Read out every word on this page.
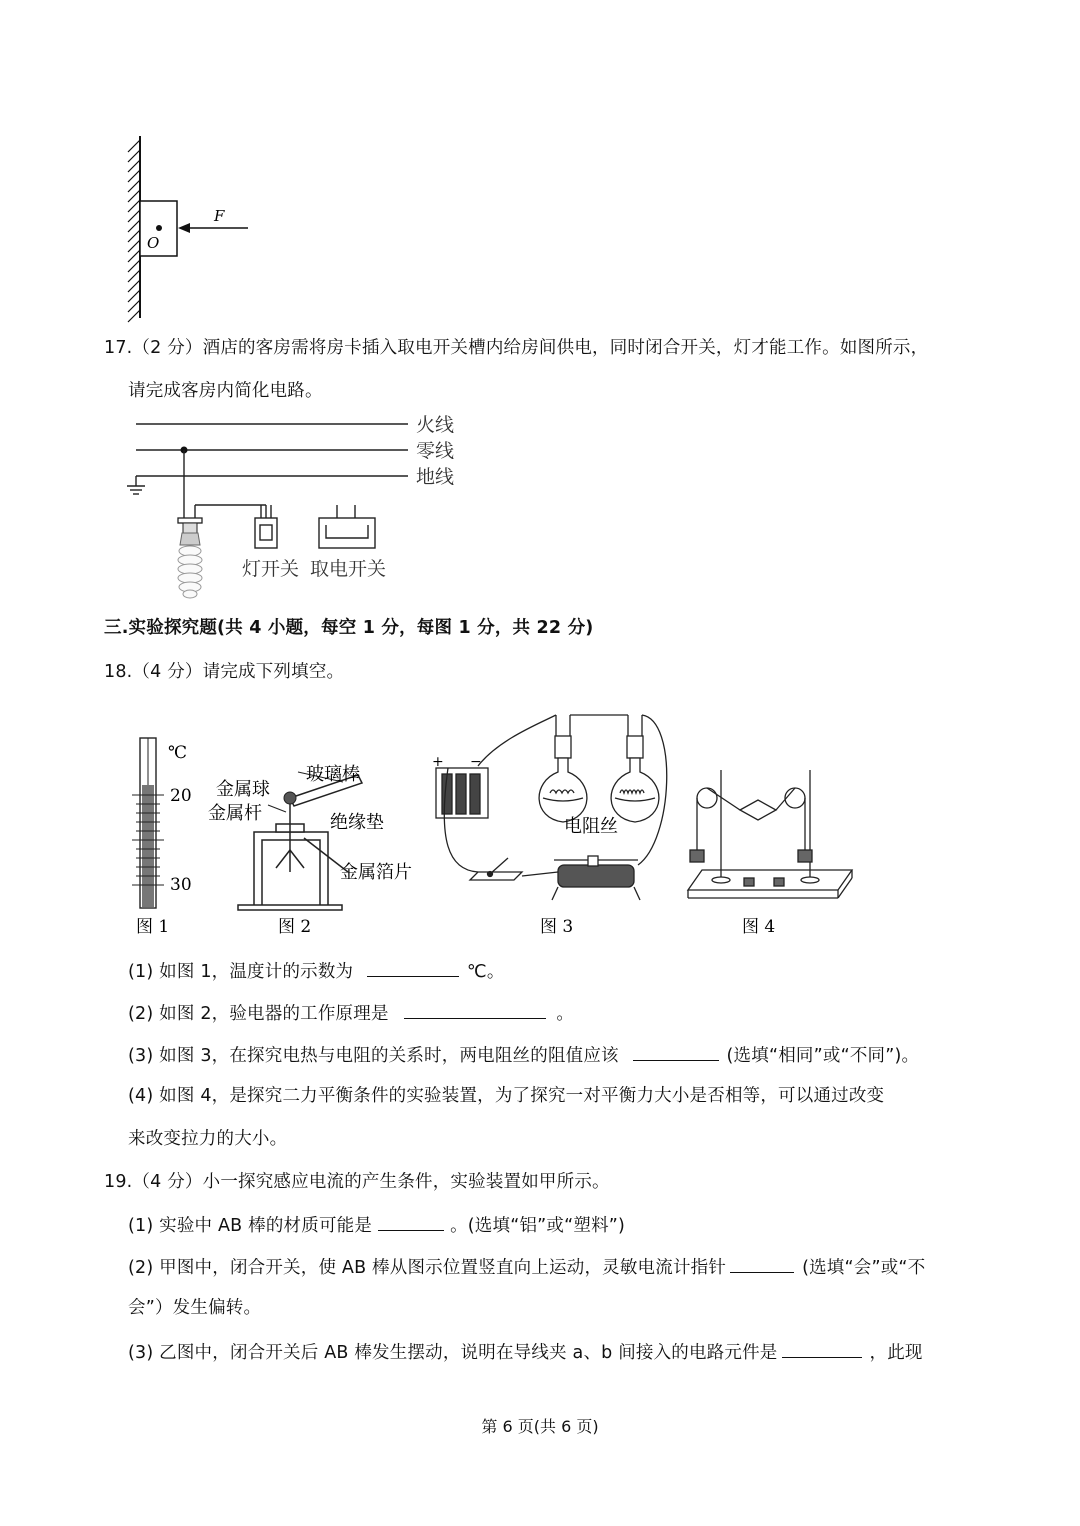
O
F
17.（2 分）酒店的客房需将房卡插入取电开关槽内给房间供电，同时闭合开关，灯才能工作。如图所示，
请完成客房内简化电路。
火线
零线
地线
灯开关 取电开关
三.实验探究题(共 4 小题，每空 1 分，每图 1 分，共 22 分)
18.（4 分）请完成下列填空。
℃
20
30
图 1
玻璃棒
金属球
金属杆	绝缘垫
金属箔片
图 2
+ −
电阻丝
图 3	图 4
(1) 如图 1，温度计的示数为	℃。
(2) 如图 2，验电器的工作原理是	。
(3) 如图 3，在探究电热与电阻的关系时，两电阻丝的阻值应该	(选填“相同”或“不同”)。
(4) 如图 4，是探究二力平衡条件的实验装置，为了探究一对平衡力大小是否相等，可以通过改变
来改变拉力的大小。
19.（4 分）小一探究感应电流的产生条件，实验装置如甲所示。
(1) 实验中 AB 棒的材质可能是	。(选填“铝”或“塑料”)
(2) 甲图中，闭合开关，使 AB 棒从图示位置竖直向上运动，灵敏电流计指针	(选填“会”或“不
会”）发生偏转。
(3) 乙图中，闭合开关后 AB 棒发生摆动，说明在导线夹 a、b 间接入的电路元件是	，此现
第 6 页(共 6 页)
